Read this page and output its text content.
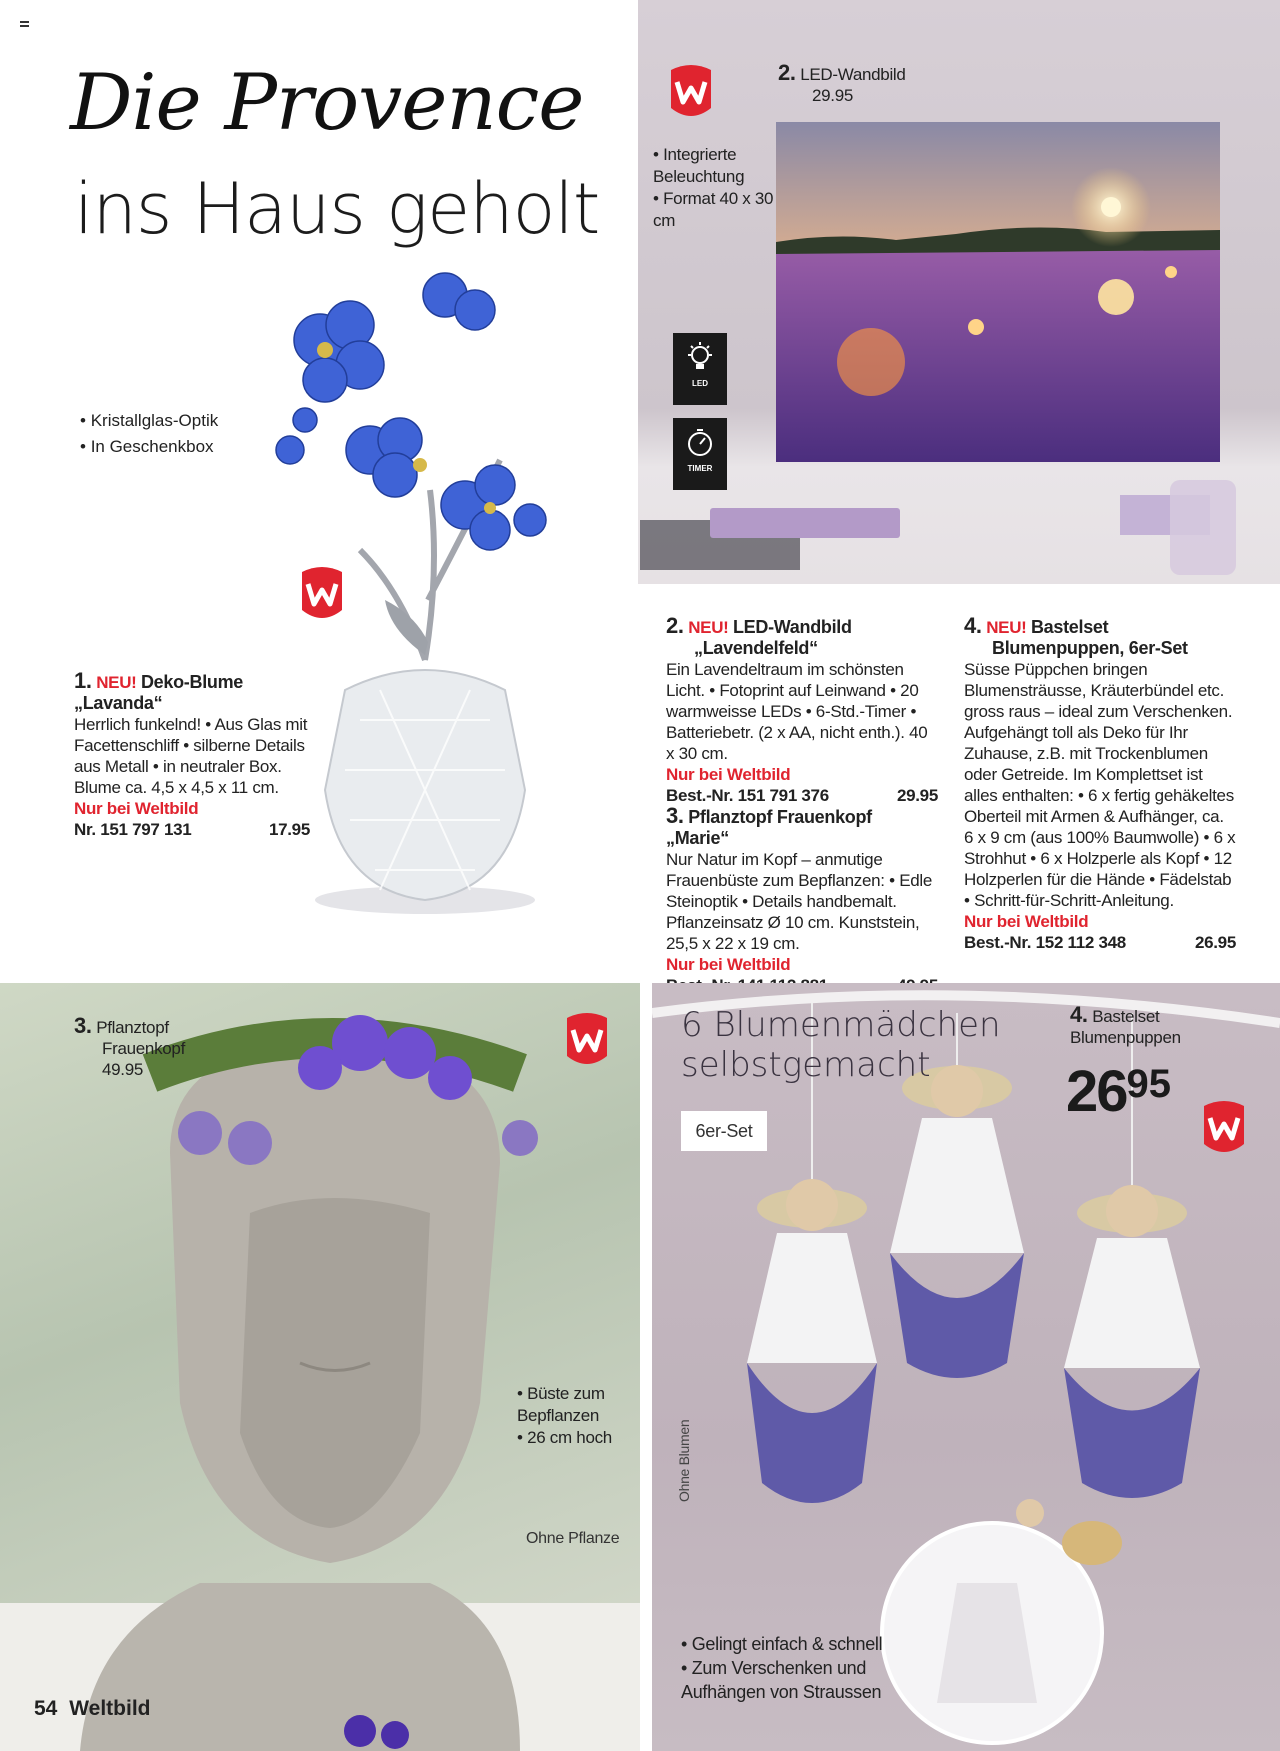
Die Provence
ins Haus geholt
• Kristallglas-Optik
• In Geschenkbox

1. NEU! Deko-Blume

„Lavanda“

Herrlich funkelnd! • Aus Glas mit Facettenschliff • silberne Details aus Metall • in neutraler Box. Blume ca. 4,5 x 4,5 x 11 cm.

Nur bei Weltbild

Nr. 151 797 131	17.95

2. LED-Wandbild

29.95

• Integrierte Beleuchtung
• Format 40 x 30 cm
LED
TIMER

2. NEU! LED-Wandbild

„Lavendelfeld“

Ein Lavendeltraum im schönsten Licht. • Fotoprint auf Leinwand • 20 warmweisse LEDs • 6-Std.-Timer • Batteriebetr. (2 x AA, nicht enth.). 40 x 30 cm.

Nur bei Weltbild

Best.-Nr. 151 791 376	29.95

3. Pflanztopf Frauenkopf „Marie“

Nur Natur im Kopf – anmutige Frauenbüste zum Bepflanzen: • Edle Steinoptik • Details handbemalt. Pflanzeinsatz Ø 10 cm. Kunststein, 25,5 x 22 x 19 cm.

Nur bei Weltbild

4. NEU! Bastelset

Blumenpuppen, 6er-Set

Süsse Püppchen bringen Blumensträusse, Kräuterbündel etc. gross raus – ideal zum Verschenken. Aufgehängt toll als Deko für Ihr Zuhause, z.B. mit Trockenblumen oder Getreide. Im Komplettset ist alles enthalten: • 6 x fertig gehäkeltes Oberteil mit Armen & Aufhänger, ca. 6 x 9 cm (aus 100% Baumwolle) • 6 x Strohhut • 6 x Holzperle als Kopf • 12 Holzperlen für die Hände • Fädelstab • Schritt-für-Schritt-Anleitung.

Nur bei Weltbild

Best.-Nr. 152 112 348	26.95

3. Pflanztopf

Frauenkopf

49.95

• Büste zum Bepflanzen
• 26 cm hoch
Ohne Pflanze
6 Blumenmädchen
selbstgemacht
6er-Set

4. Bastelset

Blumenpuppen

2695
Ohne Blumen
• Gelingt einfach & schnell
• Zum Verschenken und Aufhängen von Straussen
54 Weltbild
